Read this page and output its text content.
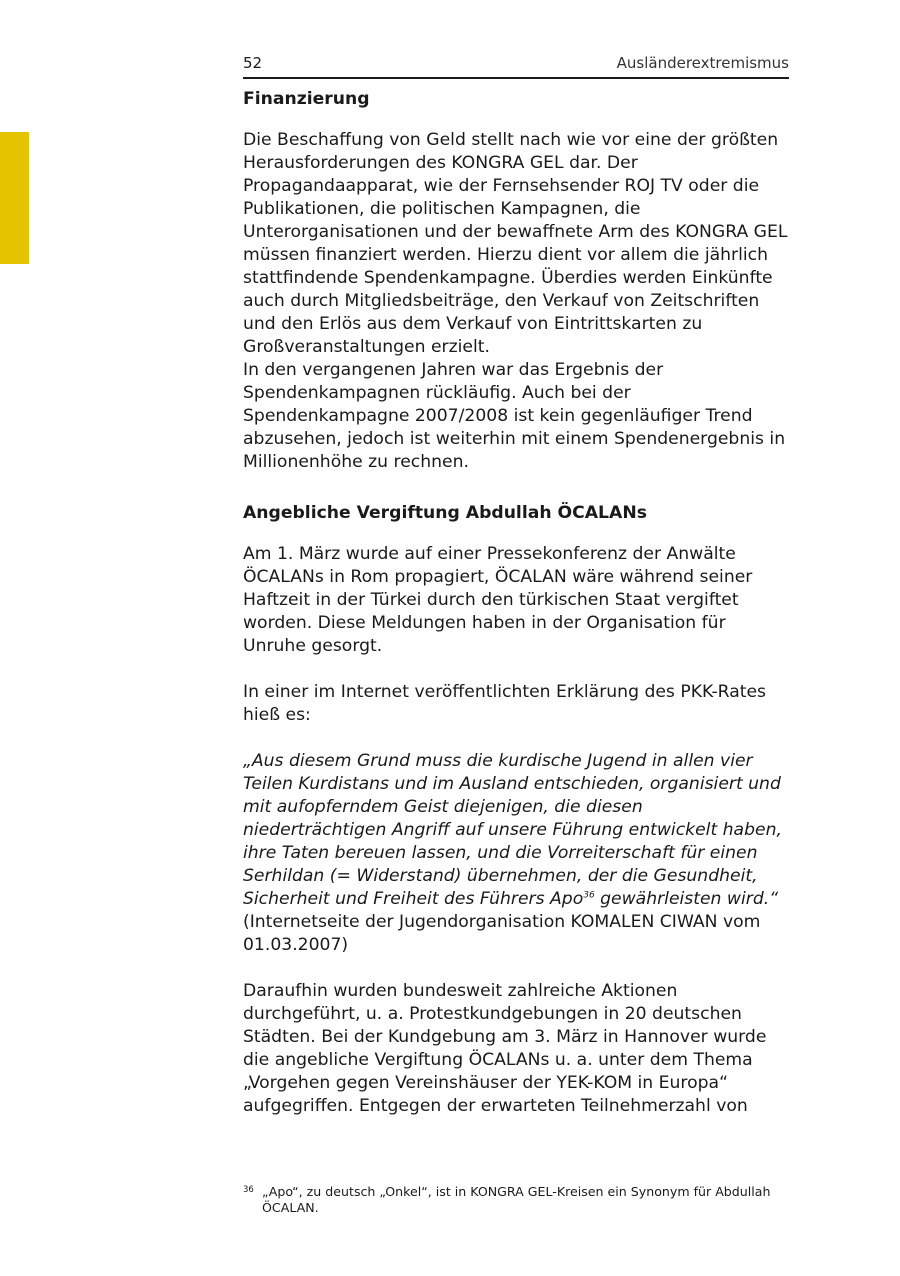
52	Ausländerextremismus
Finanzierung

Die Beschaffung von Geld stellt nach wie vor eine der größten Herausforderungen des KONGRA GEL dar. Der Propagandaapparat, wie der Fernsehsender ROJ TV oder die Publikationen, die politischen Kampagnen, die Unterorganisationen und der bewaffnete Arm des KONGRA GEL müssen finanziert werden. Hierzu dient vor allem die jährlich stattfindende Spendenkampagne. Überdies werden Einkünfte auch durch Mitgliedsbeiträge, den Verkauf von Zeitschriften und den Erlös aus dem Verkauf von Eintrittskarten zu Großveranstaltungen erzielt.

In den vergangenen Jahren war das Ergebnis der Spendenkampagnen rückläufig. Auch bei der Spendenkampagne 2007/2008 ist kein gegenläufiger Trend abzusehen, jedoch ist weiterhin mit einem Spendenergebnis in Millionenhöhe zu rechnen.

Angebliche Vergiftung Abdullah ÖCALANs

Am 1. März wurde auf einer Pressekonferenz der Anwälte ÖCALANs in Rom propagiert, ÖCALAN wäre während seiner Haftzeit in der Türkei durch den türkischen Staat vergiftet worden. Diese Meldungen haben in der Organisation für Unruhe gesorgt.

In einer im Internet veröffentlichten Erklärung des PKK-Rates hieß es:

„Aus diesem Grund muss die kurdische Jugend in allen vier Teilen Kurdistans und im Ausland entschieden, organisiert und mit aufopferndem Geist diejenigen, die diesen niederträchtigen Angriff auf unsere Führung entwickelt haben, ihre Taten bereuen lassen, und die Vorreiterschaft für einen Serhildan (= Widerstand) übernehmen, der die Gesundheit, Sicherheit und Freiheit des Führers Apo$^{36}$ gewährleisten wird.“

(Internetseite der Jugendorganisation KOMALEN CIWAN vom 01.03.2007)

Daraufhin wurden bundesweit zahlreiche Aktionen durchgeführt, u. a. Protestkundgebungen in 20 deutschen Städten. Bei der Kundgebung am 3. März in Hannover wurde die angebliche Vergiftung ÖCALANs u. a. unter dem Thema „Vorgehen gegen Vereinshäuser der YEK-KOM in Europa“ aufgegriffen. Entgegen der erwarteten Teilnehmerzahl von

36 „Apo“, zu deutsch „Onkel“, ist in KONGRA GEL-Kreisen ein Synonym für Abdullah ÖCALAN.
